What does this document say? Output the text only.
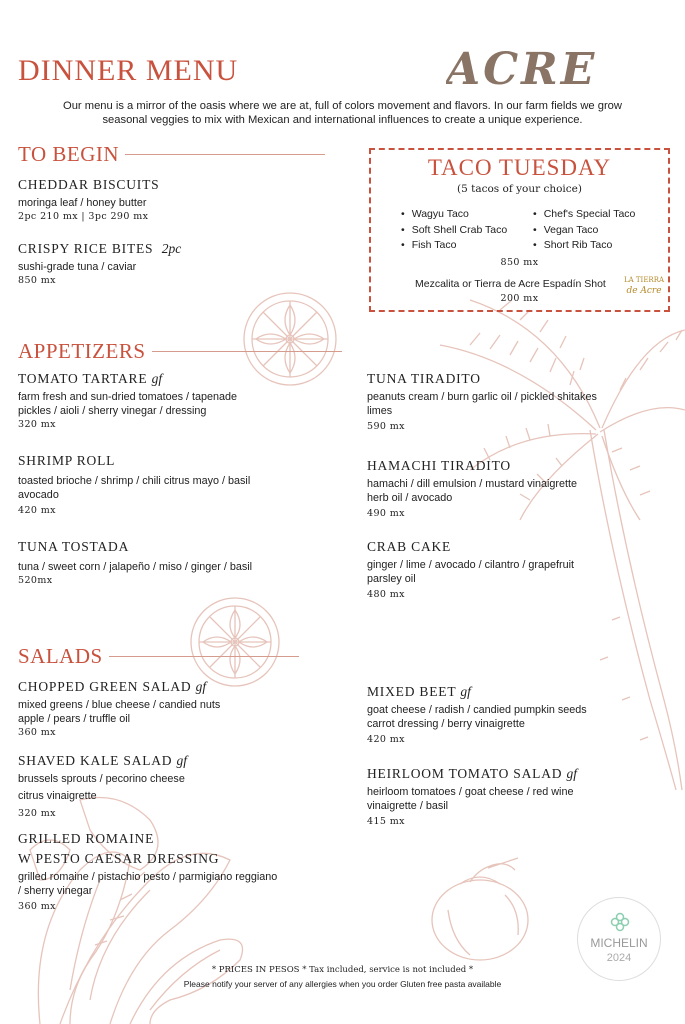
DINNER MENU	ACRE
Our menu is a mirror of the oasis where we are at, full of colors movement and flavors. In our farm fields we grow
seasonal veggies to mix with Mexican and international influences to create a unique experience.
TO BEGIN
CHEDDAR BISCUITS
moringa leaf / honey butter
2pc 210 mx | 3pc 290 mx
CRISPY RICE BITES 2pc
sushi-grade tuna / caviar
850 mx
TACO TUESDAY
(5 tacos of your choice)
• Wagyu Taco
• Soft Shell Crab Taco
• Fish Taco
• Chef's Special Taco
• Vegan Taco
• Short Rib Taco
850 mx
Mezcalita or Tierra de Acre Espadín Shot
200 mx
LA TIERRA
de Acre
APPETIZERS
TOMATO TARTARE gf
farm fresh and sun-dried tomatoes / tapenade
pickles / aioli / sherry vinegar / dressing
320 mx
SHRIMP ROLL
toasted brioche / shrimp / chili citrus mayo / basil
avocado
420 mx
TUNA TOSTADA
tuna / sweet corn / jalapeño / miso / ginger / basil
520mx
TUNA TIRADITO
peanuts cream / burn garlic oil / pickled shitakes
limes
590 mx
HAMACHI TIRADITO
hamachi / dill emulsion / mustard vinaigrette
herb oil / avocado
490 mx
CRAB CAKE
ginger / lime / avocado / cilantro / grapefruit
parsley oil
480 mx
SALADS
CHOPPED GREEN SALAD gf
mixed greens / blue cheese / candied nuts
apple / pears / truffle oil
360 mx
SHAVED KALE SALAD gf
brussels sprouts / pecorino cheese
citrus vinaigrette
320 mx
GRILLED ROMAINE
W PESTO CAESAR DRESSING
grilled romaine / pistachio pesto / parmigiano reggiano
/ sherry vinegar
360 mx
MIXED BEET gf
goat cheese / radish / candied pumpkin seeds
carrot dressing / berry vinaigrette
420 mx
HEIRLOOM TOMATO SALAD gf
heirloom tomatoes / goat cheese / red wine
vinaigrette / basil
415 mx
MICHELIN
2024
* PRICES IN PESOS * Tax included, service is not included *
Please notify your server of any allergies when you order Gluten free pasta available
